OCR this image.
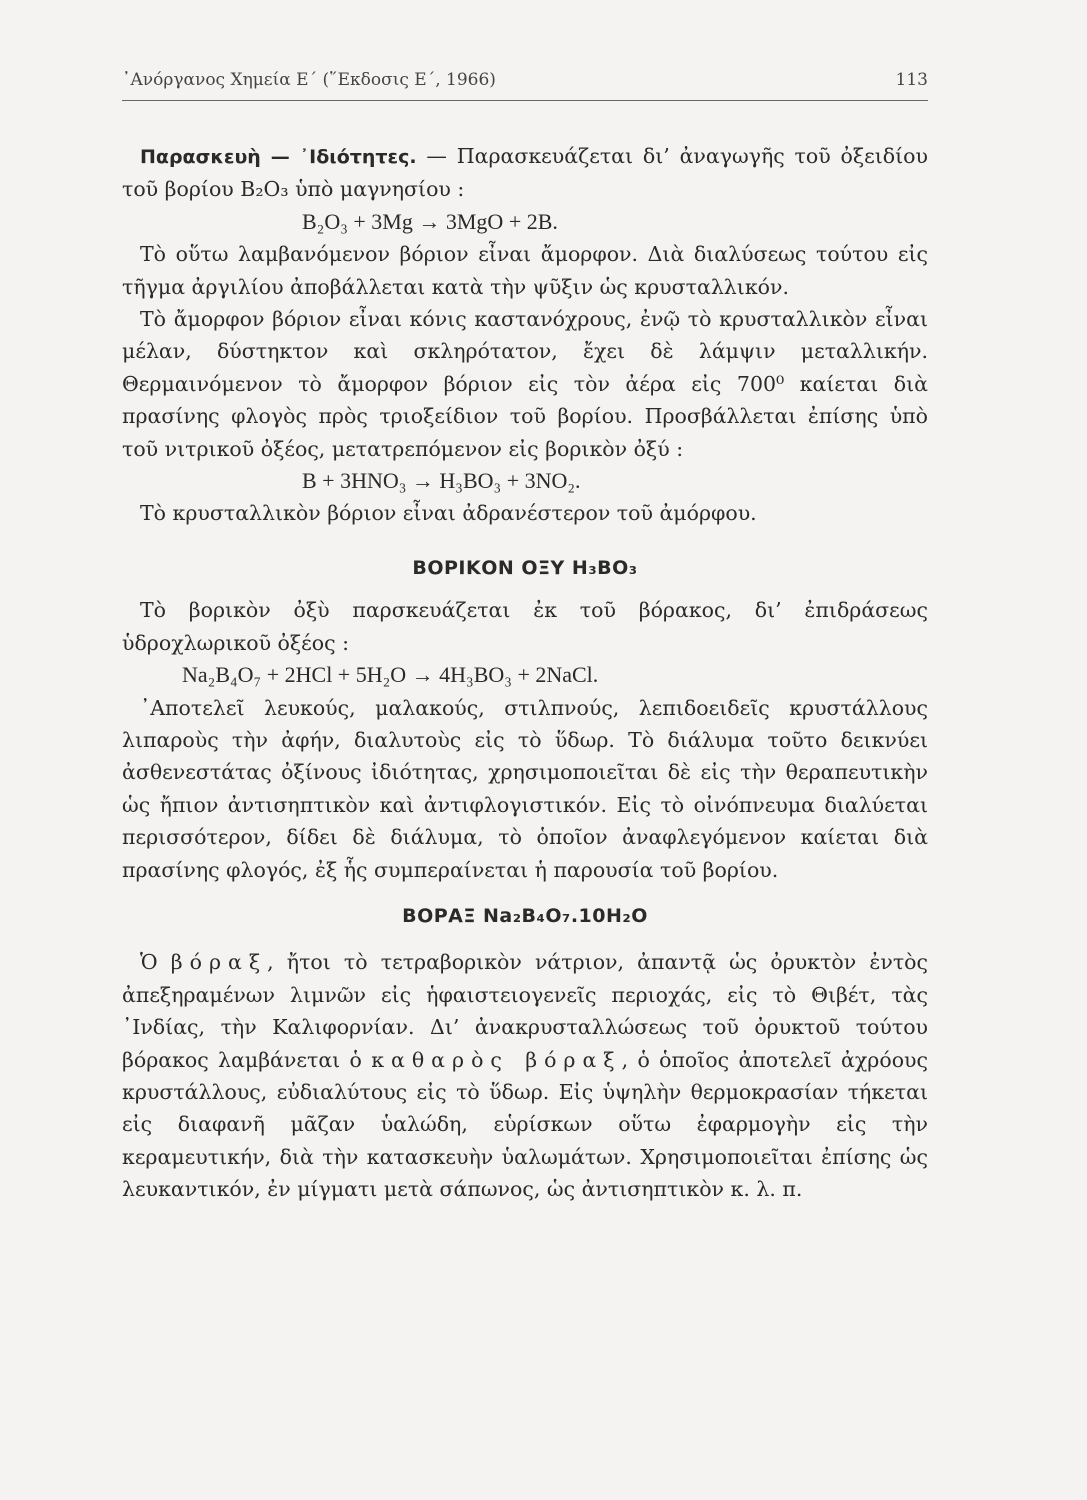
᾿Ανόργανος Χημεία Ε΄ (῞Εκδοσις Ε΄, 1966)	113

Παρασκευὴ — ᾿Ιδιότητες. — Παρασκευάζεται δι’ ἀναγωγῆς τοῦ ὀξειδίου τοῦ βορίου B₂O₃ ὑπὸ μαγνησίου :

B₂O₃ + 3Mg → 3MgO + 2B.

Τὸ οὕτω λαμβανόμενον βόριον εἶναι ἄμορφον. Διὰ διαλύσεως τούτου εἰς τῆγμα ἀργιλίου ἀποβάλλεται κατὰ τὴν ψῦξιν ὡς κρυσταλλικόν.

Τὸ ἄμορφον βόριον εἶναι κόνις καστανόχρους, ἐνῷ τὸ κρυσταλλικὸν εἶναι μέλαν, δύστηκτον καὶ σκληρότατον, ἔχει δὲ λάμψιν μεταλλικήν. Θερμαινόμενον τὸ ἄμορφον βόριον εἰς τὸν ἀέρα εἰς 700⁰ καίεται διὰ πρασίνης φλογὸς πρὸς τριοξείδιον τοῦ βορίου. Προσβάλλεται ἐπίσης ὑπὸ τοῦ νιτρικοῦ ὀξέος, μετατρεπόμενον εἰς βορικὸν ὀξύ :

B + 3HNO₃ → H₃BO₃ + 3NO₂.

Τὸ κρυσταλλικὸν βόριον εἶναι ἀδρανέστερον τοῦ ἀμόρφου.

ΒΟΡΙΚΟΝ ΟΞΥ H₃BO₃

Τὸ βορικὸν ὀξὺ παρσκευάζεται ἐκ τοῦ βόρακος, δι’ ἐπιδράσεως ὑδροχλωρικοῦ ὀξέος :

Na₂B₄O₇ + 2HCl + 5H₂O → 4H₃BO₃ + 2NaCl.

᾿Αποτελεῖ λευκούς, μαλακούς, στιλπνούς, λεπιδοειδεῖς κρυστάλλους λιπαροὺς τὴν ἀφήν, διαλυτοὺς εἰς τὸ ὕδωρ. Τὸ διάλυμα τοῦτο δεικνύει ἀσθενεστάτας ὀξίνους ἰδιότητας, χρησιμοποιεῖται δὲ εἰς τὴν θεραπευτικὴν ὡς ἤπιον ἀντισηπτικὸν καὶ ἀντιφλογιστικόν. Εἰς τὸ οἰνόπνευμα διαλύεται περισσότερον, δίδει δὲ διάλυμα, τὸ ὁποῖον ἀναφλεγόμενον καίεται διὰ πρασίνης φλογός, ἐξ ἧς συμπεραίνεται ἡ παρουσία τοῦ βορίου.

ΒΟΡΑΞ Na₂B₄O₇.10H₂O

Ὁ βόραξ, ἤτοι τὸ τετραβορικὸν νάτριον, ἀπαντᾷ ὡς ὀρυκτὸν ἐντὸς ἀπεξηραμένων λιμνῶν εἰς ἡφαιστειογενεῖς περιοχάς, εἰς τὸ Θιβέτ, τὰς ᾿Ινδίας, τὴν Καλιφορνίαν. Δι’ ἀνακρυσταλλώσεως τοῦ ὀρυκτοῦ τούτου βόρακος λαμβάνεται ὁ καθαρὸς βόραξ, ὁ ὁποῖος ἀποτελεῖ ἀχρόους κρυστάλλους, εὐδιαλύτους εἰς τὸ ὕδωρ. Εἰς ὑψηλὴν θερμοκρασίαν τήκεται εἰς διαφανῆ μᾶζαν ὑαλώδη, εὑρίσκων οὕτω ἐφαρμογὴν εἰς τὴν κεραμευτικήν, διὰ τὴν κατασκευὴν ὑαλωμάτων. Χρησιμοποιεῖται ἐπίσης ὡς λευκαντικόν, ἐν μίγματι μετὰ σάπωνος, ὡς ἀντισηπτικὸν κ. λ. π.
